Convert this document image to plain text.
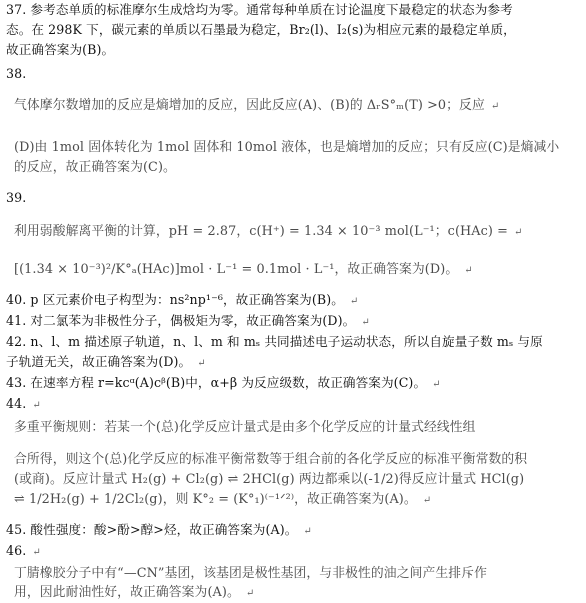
37. 参考态单质的标准摩尔生成焓均为零。通常每种单质在讨论温度下最稳定的状态为参考
态。在 298K 下，碳元素的单质以石墨最为稳定，Br₂(l)、I₂(s)为相应元素的最稳定单质，
故正确答案为(B)。
38.
气体摩尔数增加的反应是熵增加的反应，因此反应(A)、(B)的 ΔᵣS°ₘ(T) >0；反应 ↵
(D)由 1mol 固体转化为 1mol 固体和 10mol 液体，也是熵增加的反应；只有反应(C)是熵减小
的反应，故正确答案为(C)。
39.
利用弱酸解离平衡的计算，pH = 2.87，c(H⁺) = 1.34 × 10⁻³ mol(L⁻¹；c(HAc) = ↵
[(1.34 × 10⁻³)²/K°ₐ(HAc)]mol · L⁻¹ = 0.1mol · L⁻¹，故正确答案为(D)。 ↵
40. p 区元素价电子构型为：ns²np¹⁻⁶，故正确答案为(B)。 ↵
41. 对二氯苯为非极性分子，偶极矩为零，故正确答案为(D)。 ↵
42. n、l、m 描述原子轨道，n、l、m 和 mₛ 共同描述电子运动状态，所以自旋量子数 mₛ 与原
子轨道无关，故正确答案为(D)。 ↵
43. 在速率方程 r=kcᵅ(A)cᵝ(B)中，α+β 为反应级数，故正确答案为(C)。 ↵
44. ↵
多重平衡规则：若某一个(总)化学反应计量式是由多个化学反应的计量式经线性组
合所得，则这个(总)化学反应的标准平衡常数等于组合前的各化学反应的标准平衡常数的积
(或商)。反应计量式 H₂(g) + Cl₂(g) ⇌ 2HCl(g) 两边都乘以(-1/2)得反应计量式 HCl(g)
⇌ 1/2H₂(g) + 1/2Cl₂(g)，则 K°₂ = (K°₁)⁽⁻¹ᐟ²⁾，故正确答案为(A)。 ↵
45. 酸性强度：酸>酚>醇>烃，故正确答案为(A)。 ↵
46. ↵
丁腈橡胶分子中有“—CN”基团，该基团是极性基团，与非极性的油之间产生排斥作
用，因此耐油性好，故正确答案为(A)。 ↵
